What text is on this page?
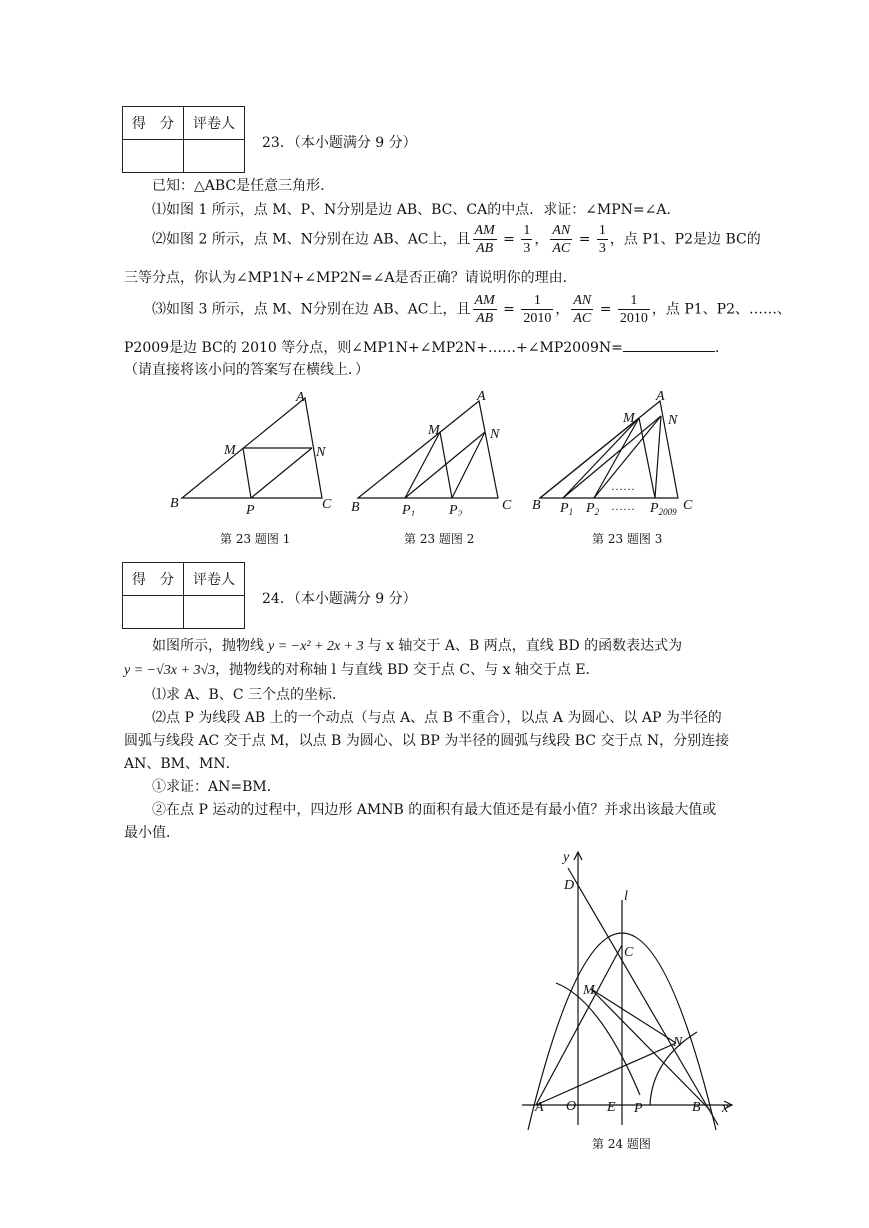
得　分	评卷人

23．（本小题满分 9 分）
已知：△ABC是任意三角形．
⑴如图 1 所示，点 M、P、N分别是边 AB、BC、CA的中点．求证：∠MPN=∠A．
⑵如图 2 所示，点 M、N分别在边 AB、AC上，且 $\frac{AM}{AB} = \frac{1}{3}$ ， $\frac{AN}{AC} = \frac{1}{3}$ ，点 P1、P2是边 BC的
三等分点，你认为∠MP1N+∠MP2N=∠A是否正确？请说明你的理由．
⑶如图 3 所示，点 M、N分别在边 AB、AC上，且 $\frac{AM}{AB} = \frac{1}{2010}$ ， $\frac{AN}{AC} = \frac{1}{2010}$ ，点 P1、P2、……、
P2009是边 BC的 2010 等分点，则∠MP1N+∠MP2N+……+∠MP2009N=	．
（请直接将该小问的答案写在横线上．）
A
M	N
B	P	C
A
M	N
B	C
$P_1$ $P_2$
A
M N
B	C
$P_1$ $P_2$	$P_{2009}$
……
……
第 23 题图 1	第 23 题图 2	第 23 题图 3
得　分	评卷人

24．（本小题满分 9 分）
如图所示，抛物线 y = −x² + 2x + 3 与 x 轴交于 A、B 两点，直线 BD 的函数表达式为
y = −√3x + 3√3，抛物线的对称轴 l 与直线 BD 交于点 C、与 x 轴交于点 E．
⑴求 A、B、C 三个点的坐标．
⑵点 P 为线段 AB 上的一个动点（与点 A、点 B 不重合），以点 A 为圆心、以 AP 为半径的
圆弧与线段 AC 交于点 M，以点 B 为圆心、以 BP 为半径的圆弧与线段 BC 交于点 N，分别连接
AN、BM、MN．
①求证：AN=BM．
②在点 P 运动的过程中，四边形 AMNB 的面积有最大值还是有最小值？并求出该最大值或
最小值．
y
D
l
C
M
N
A O E P	B x
第 24 题图
